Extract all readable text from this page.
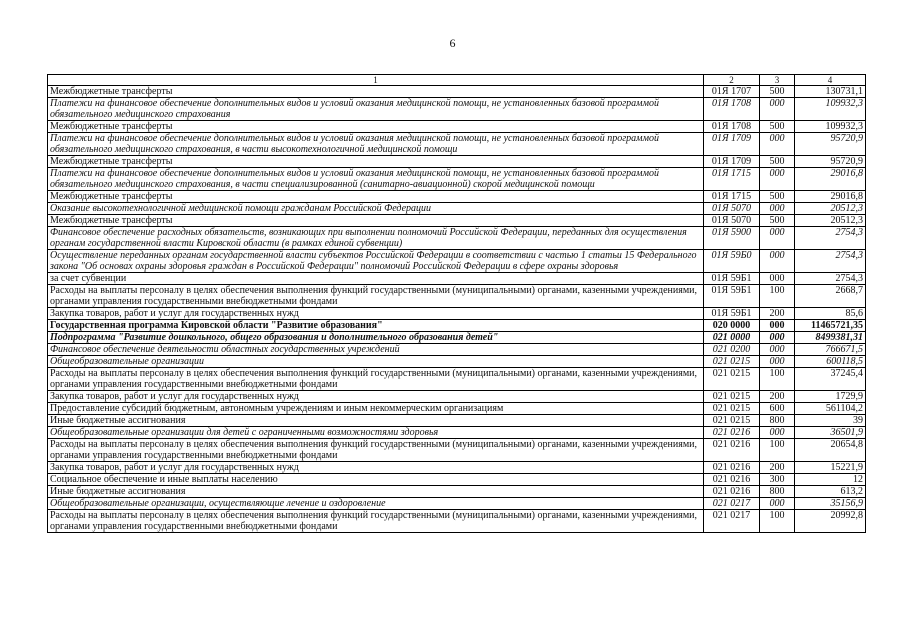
6
1	2	3	4
Межбюджетные трансферты	01Я 1707	500	130731,1
Платежи на финансовое обеспечение дополнительных видов и условий оказания медицинской помощи, не установленных базовой программой обязательного медицинского страхования	01Я 1708	000	109932,3
Межбюджетные трансферты	01Я 1708	500	109932,3
Платежи на финансовое обеспечение дополнительных видов и условий оказания медицинской помощи, не установленных базовой программой обязательного медицинского страхования, в части высокотехнологичной медицинской помощи	01Я 1709	000	95720,9
Межбюджетные трансферты	01Я 1709	500	95720,9
Платежи на финансовое обеспечение дополнительных видов и условий оказания медицинской помощи, не установленных базовой программой обязательного медицинского страхования, в части специализированной (санитарно-авиационной) скорой медицинской помощи	01Я 1715	000	29016,8
Межбюджетные трансферты	01Я 1715	500	29016,8
Оказание высокотехнологичной медицинской помощи гражданам Российской Федерации	01Я 5070	000	20512,3
Межбюджетные трансферты	01Я 5070	500	20512,3
Финансовое обеспечение расходных обязательств, возникающих при выполнении полномочий Российской Федерации, переданных для осуществления органам государственной власти Кировской области (в рамках единой субвенции)	01Я 5900	000	2754,3
Осуществление переданных органам государственной власти субъектов Российской Федерации в соответствии с частью 1 статьи 15 Федерального закона "Об основах охраны здоровья граждан в Российской Федерации" полномочий Российской Федерации в сфере охраны здоровья	01Я 59Б0	000	2754,3
за счет субвенции	01Я 59Б1	000	2754,3
Расходы на выплаты персоналу в целях обеспечения выполнения функций государственными (муниципальными) органами, казенными учреждениями, органами управления государственными внебюджетными фондами	01Я 59Б1	100	2668,7
Закупка товаров, работ и услуг для государственных нужд	01Я 59Б1	200	85,6
Государственная программа Кировской области "Развитие образования"	020 0000	000	11465721,35
Подпрограмма "Развитие дошкольного, общего образования и дополнительного образования детей"	021 0000	000	8499381,31
Финансовое обеспечение деятельности областных государственных учреждений	021 0200	000	766671,5
Общеобразовательные организации	021 0215	000	600118,5
Расходы на выплаты персоналу в целях обеспечения выполнения функций государственными (муниципальными) органами, казенными учреждениями, органами управления государственными внебюджетными фондами	021 0215	100	37245,4
Закупка товаров, работ и услуг для государственных нужд	021 0215	200	1729,9
Предоставление субсидий бюджетным, автономным учреждениям и иным некоммерческим организациям	021 0215	600	561104,2
Иные бюджетные ассигнования	021 0215	800	39
Общеобразовательные организации для детей с ограниченными возможностями здоровья	021 0216	000	36501,9
Расходы на выплаты персоналу в целях обеспечения выполнения функций государственными (муниципальными) органами, казенными учреждениями, органами управления государственными внебюджетными фондами	021 0216	100	20654,8
Закупка товаров, работ и услуг для государственных нужд	021 0216	200	15221,9
Социальное обеспечение и иные выплаты населению	021 0216	300	12
Иные бюджетные ассигнования	021 0216	800	613,2
Общеобразовательные организации, осуществляющие лечение и оздоровление	021 0217	000	35156,9
Расходы на выплаты персоналу в целях обеспечения выполнения функций государственными (муниципальными) органами, казенными учреждениями, органами управления государственными внебюджетными фондами	021 0217	100	20992,8
